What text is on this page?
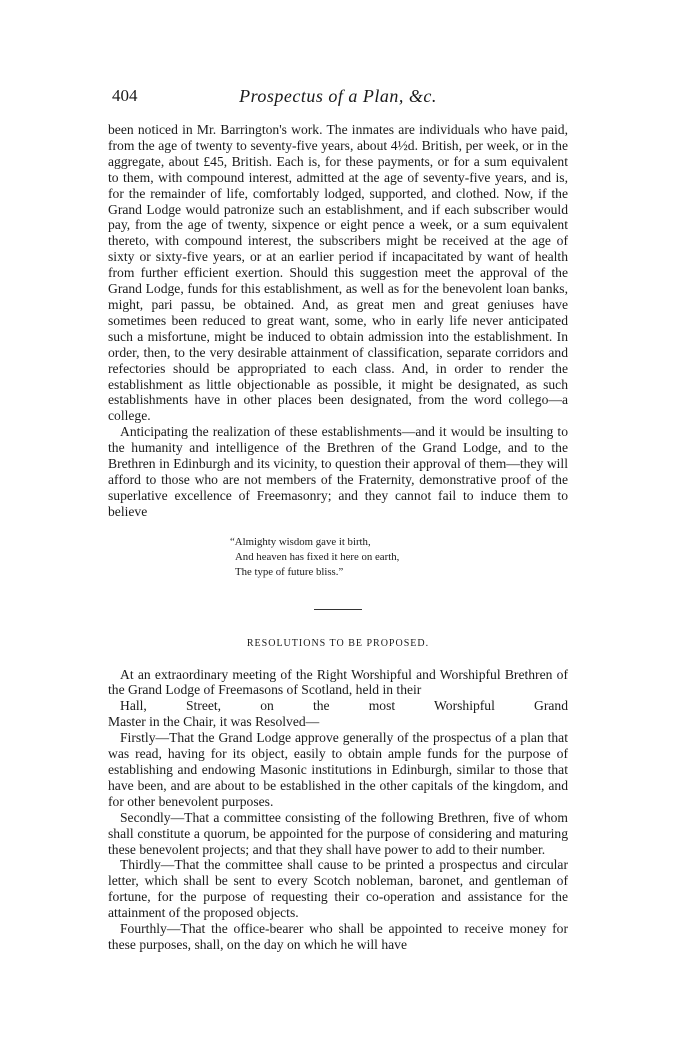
404	Prospectus of a Plan, &c.

been noticed in Mr. Barrington's work. The inmates are individuals who have paid, from the age of twenty to seventy-five years, about 4½d. British, per week, or in the aggregate, about £45, British. Each is, for these payments, or for a sum equivalent to them, with compound interest, admitted at the age of seventy-five years, and is, for the remainder of life, comfortably lodged, supported, and clothed. Now, if the Grand Lodge would patronize such an establishment, and if each subscriber would pay, from the age of twenty, sixpence or eight pence a week, or a sum equivalent thereto, with compound interest, the subscribers might be received at the age of sixty or sixty-five years, or at an earlier period if incapacitated by want of health from further efficient exertion. Should this suggestion meet the approval of the Grand Lodge, funds for this establishment, as well as for the benevolent loan banks, might, pari passu, be obtained. And, as great men and great geniuses have sometimes been reduced to great want, some, who in early life never anticipated such a misfortune, might be induced to obtain admission into the establishment. In order, then, to the very desirable attainment of classification, separate corridors and refectories should be appropriated to each class. And, in order to render the establishment as little objectionable as possible, it might be designated, as such establishments have in other places been designated, from the word collego—a college.

Anticipating the realization of these establishments—and it would be insulting to the humanity and intelligence of the Brethren of the Grand Lodge, and to the Brethren in Edinburgh and its vicinity, to question their approval of them—they will afford to those who are not members of the Fraternity, demonstrative proof of the superlative excellence of Freemasonry; and they cannot fail to induce them to believe

“Almighty wisdom gave it birth,
And heaven has fixed it here on earth,
The type of future bliss.”
RESOLUTIONS TO BE PROPOSED.

At an extraordinary meeting of the Right Worshipful and Worshipful Brethren of the Grand Lodge of Freemasons of Scotland, held in their
Hall,	Street, on	the most Worshipful Grand
Master in the Chair, it was Resolved—

Firstly—That the Grand Lodge approve generally of the prospectus of a plan that was read, having for its object, easily to obtain ample funds for the purpose of establishing and endowing Masonic institutions in Edinburgh, similar to those that have been, and are about to be established in the other capitals of the kingdom, and for other benevolent purposes.

Secondly—That a committee consisting of the following Brethren, five of whom shall constitute a quorum, be appointed for the purpose of considering and maturing these benevolent projects; and that they shall have power to add to their number.

Thirdly—That the committee shall cause to be printed a prospectus and circular letter, which shall be sent to every Scotch nobleman, baronet, and gentleman of fortune, for the purpose of requesting their co-operation and assistance for the attainment of the proposed objects.

Fourthly—That the office-bearer who shall be appointed to receive money for these purposes, shall, on the day on which he will have
